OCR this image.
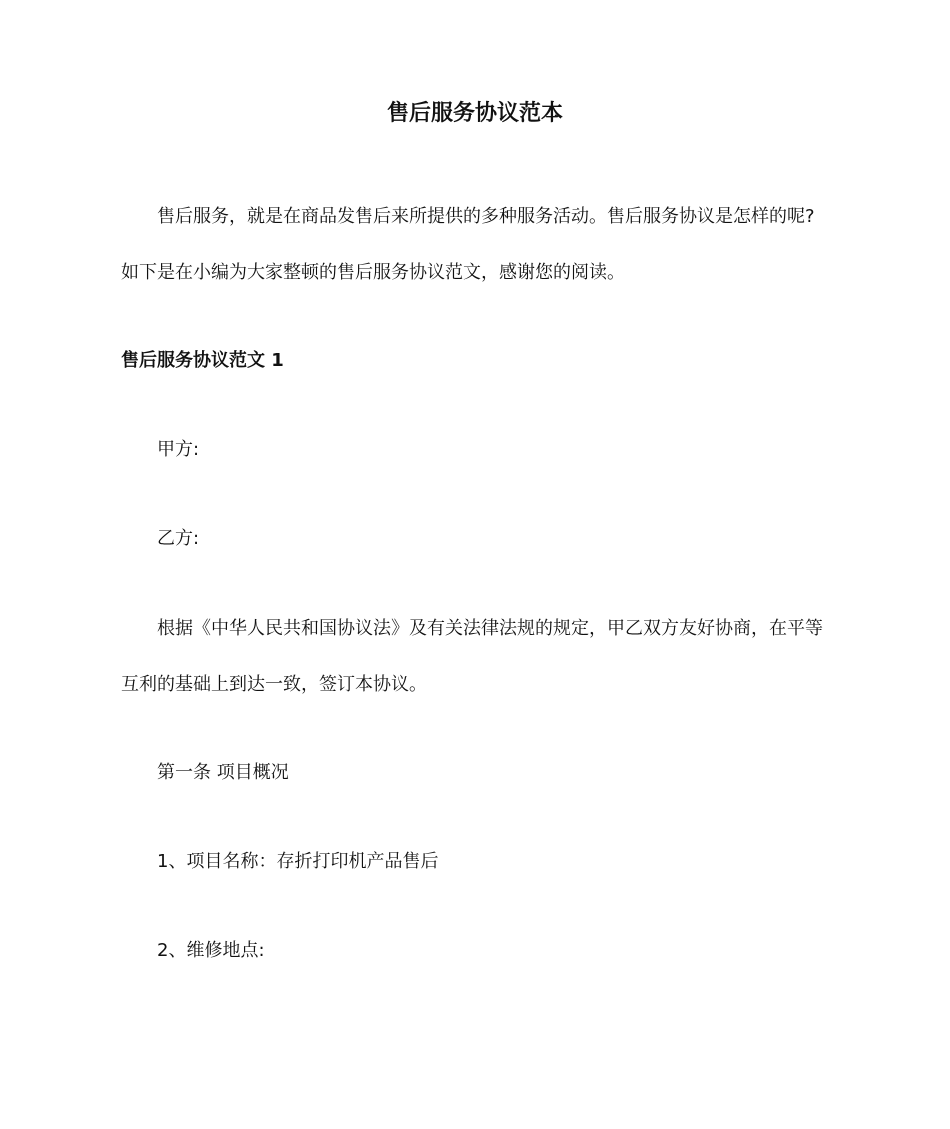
售后服务协议范本
售后服务，就是在商品发售后来所提供的多种服务活动。售后服务协议是怎样的呢?
如下是在小编为大家整顿的售后服务协议范文，感谢您的阅读。
售后服务协议范文 1
甲方:
乙方:
根据《中华人民共和国协议法》及有关法律法规的规定，甲乙双方友好协商，在平等
互利的基础上到达一致，签订本协议。
第一条 项目概况
1、项目名称：存折打印机产品售后
2、维修地点:
